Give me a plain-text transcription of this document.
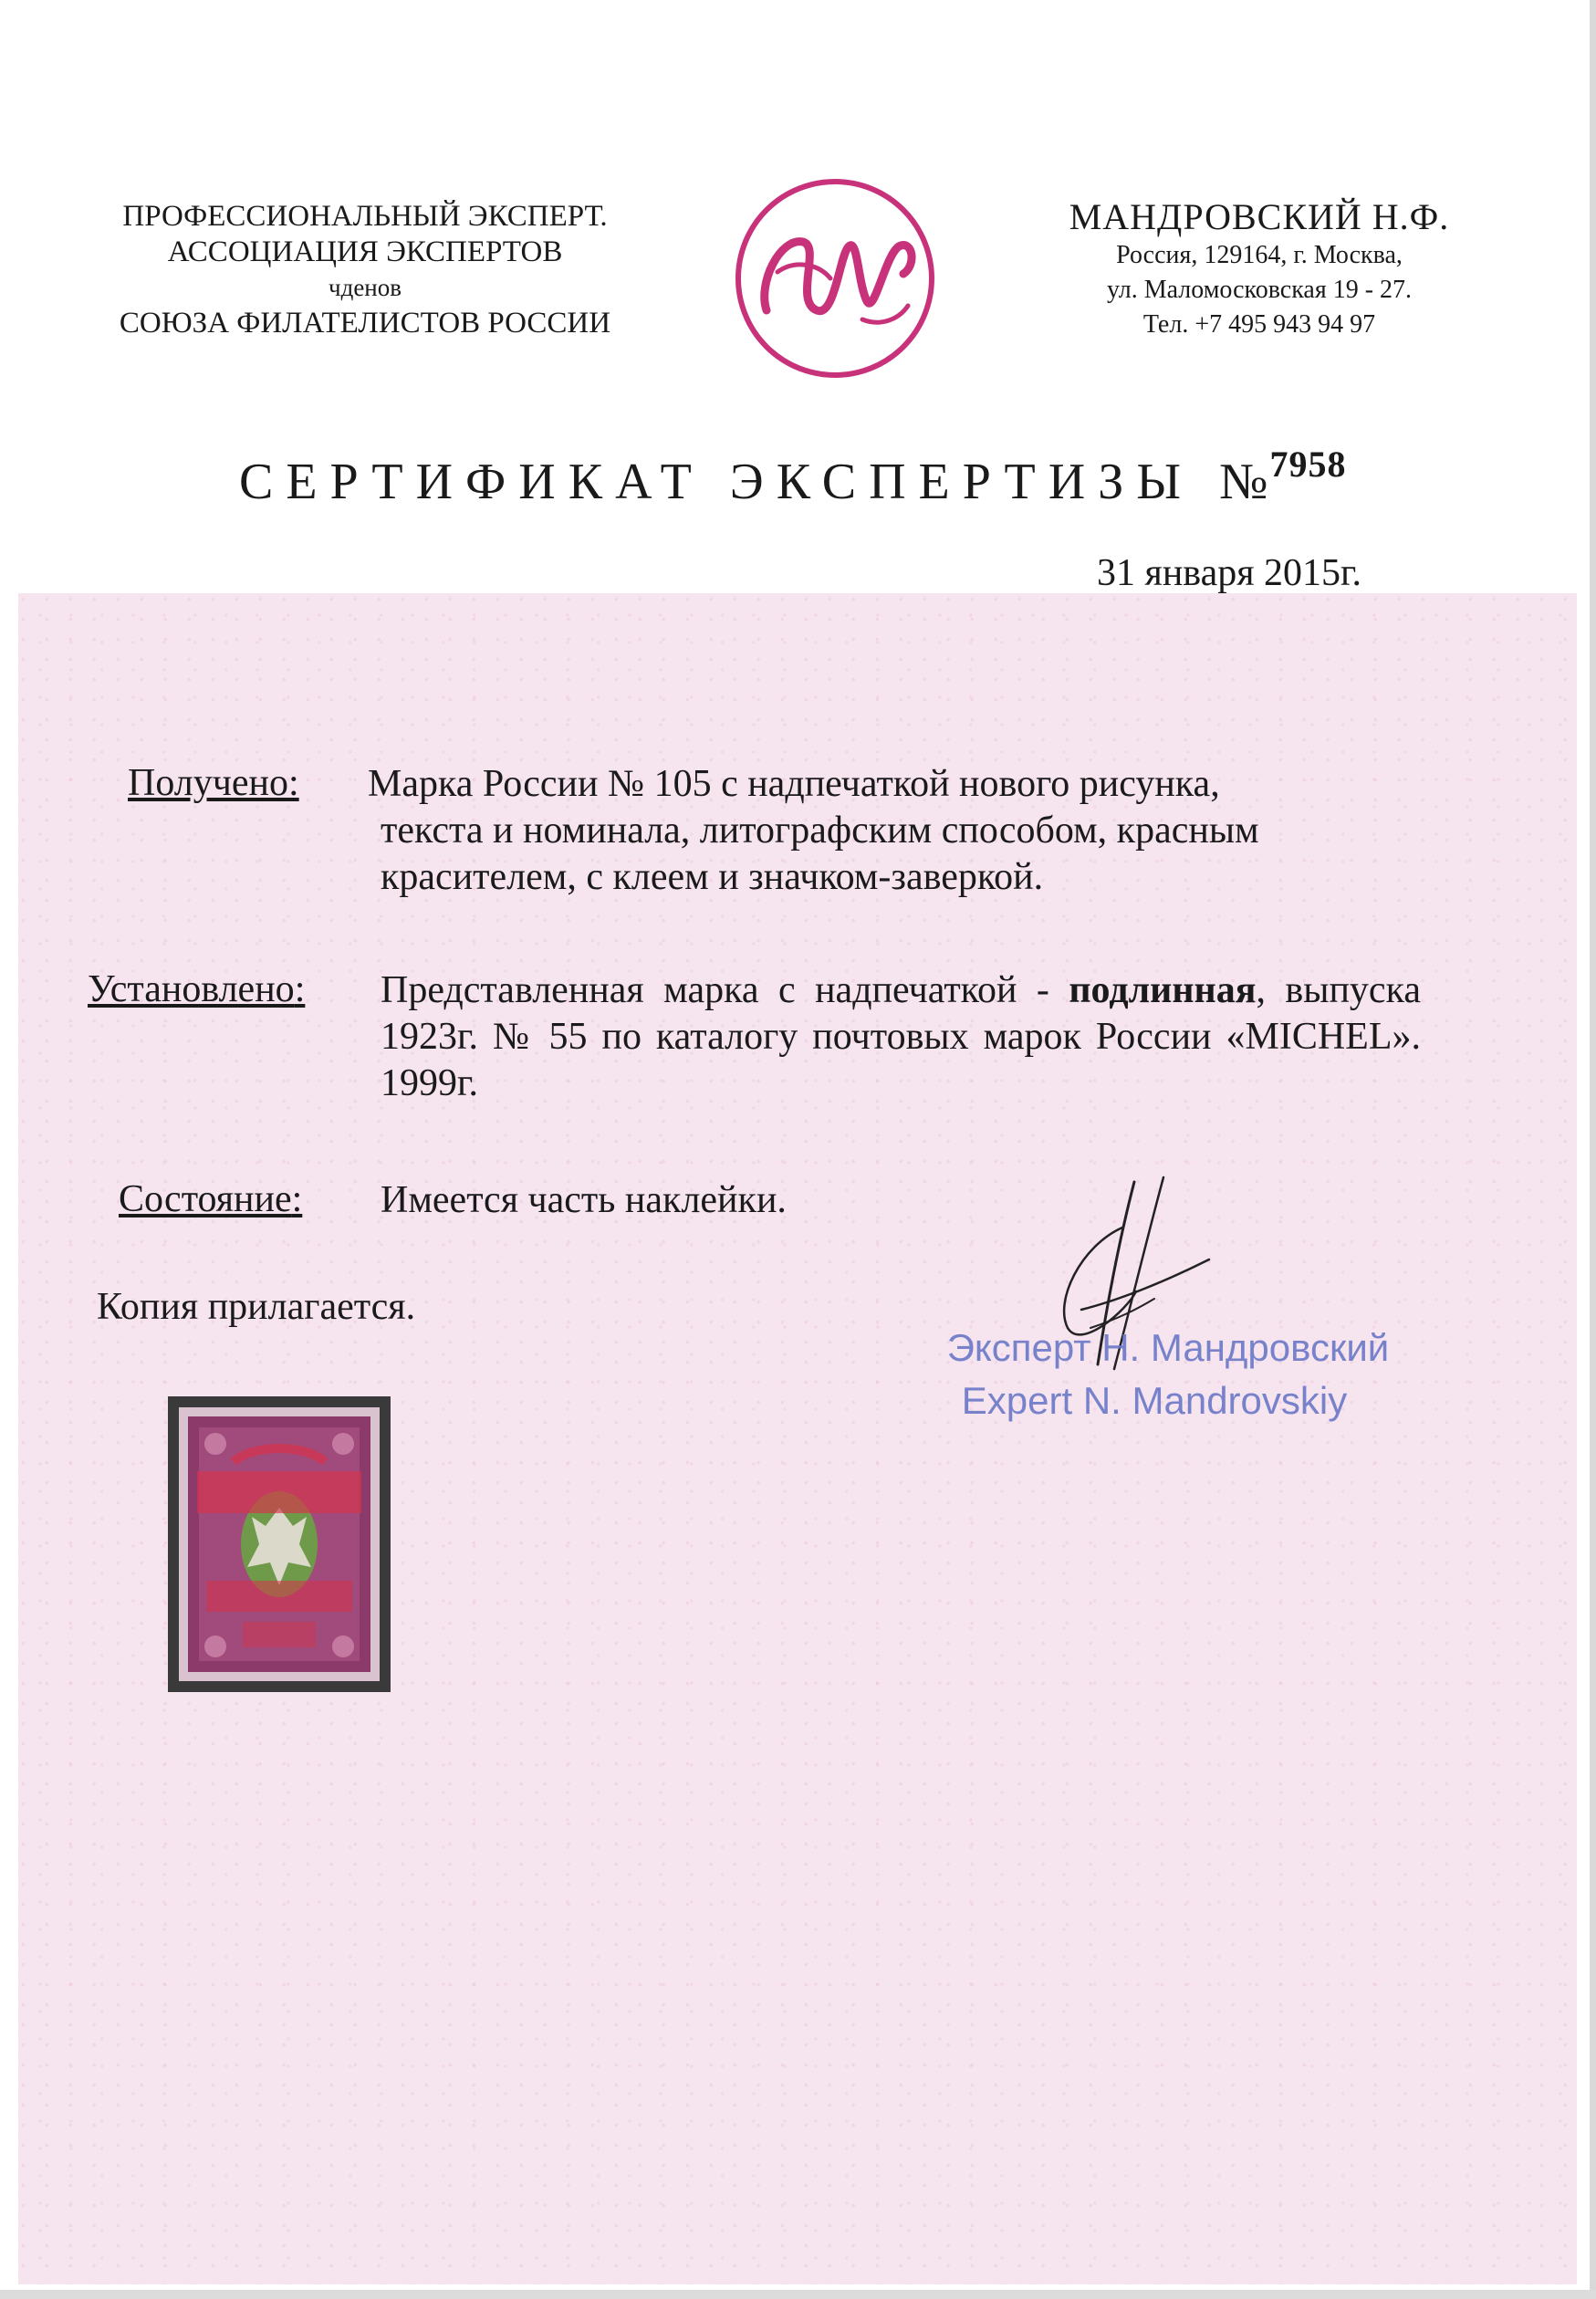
ПРОФЕССИОНАЛЬНЫЙ ЭКСПЕРТ.
АССОЦИАЦИЯ ЭКСПЕРТОВ
чденов
СОЮЗА ФИЛАТЕЛИСТОВ РОССИИ
МАНДРОВСКИЙ Н.Ф.
Россия, 129164, г. Москва,
ул. Маломосковская 19 - 27.
Тел. +7 495 943 94 97
СЕРТИФИКАТ ЭКСПЕРТИЗЫ №$^{7958}$
31 января 2015г.
Получено: Марка России № 105 с надпечаткой нового рисунка,
текста и номинала, литографским способом, красным
красителем, с клеем и значком-заверкой.
Установлено: Представленная марка с надпечаткой - подлинная, выпуска 1923г. № 55 по каталогу почтовых марок России «MICHEL». 1999г.
Состояние: Имеется часть наклейки.
Копия прилагается.
Эксперт Н. Мандровский
Expert N. Mandrovskiy
